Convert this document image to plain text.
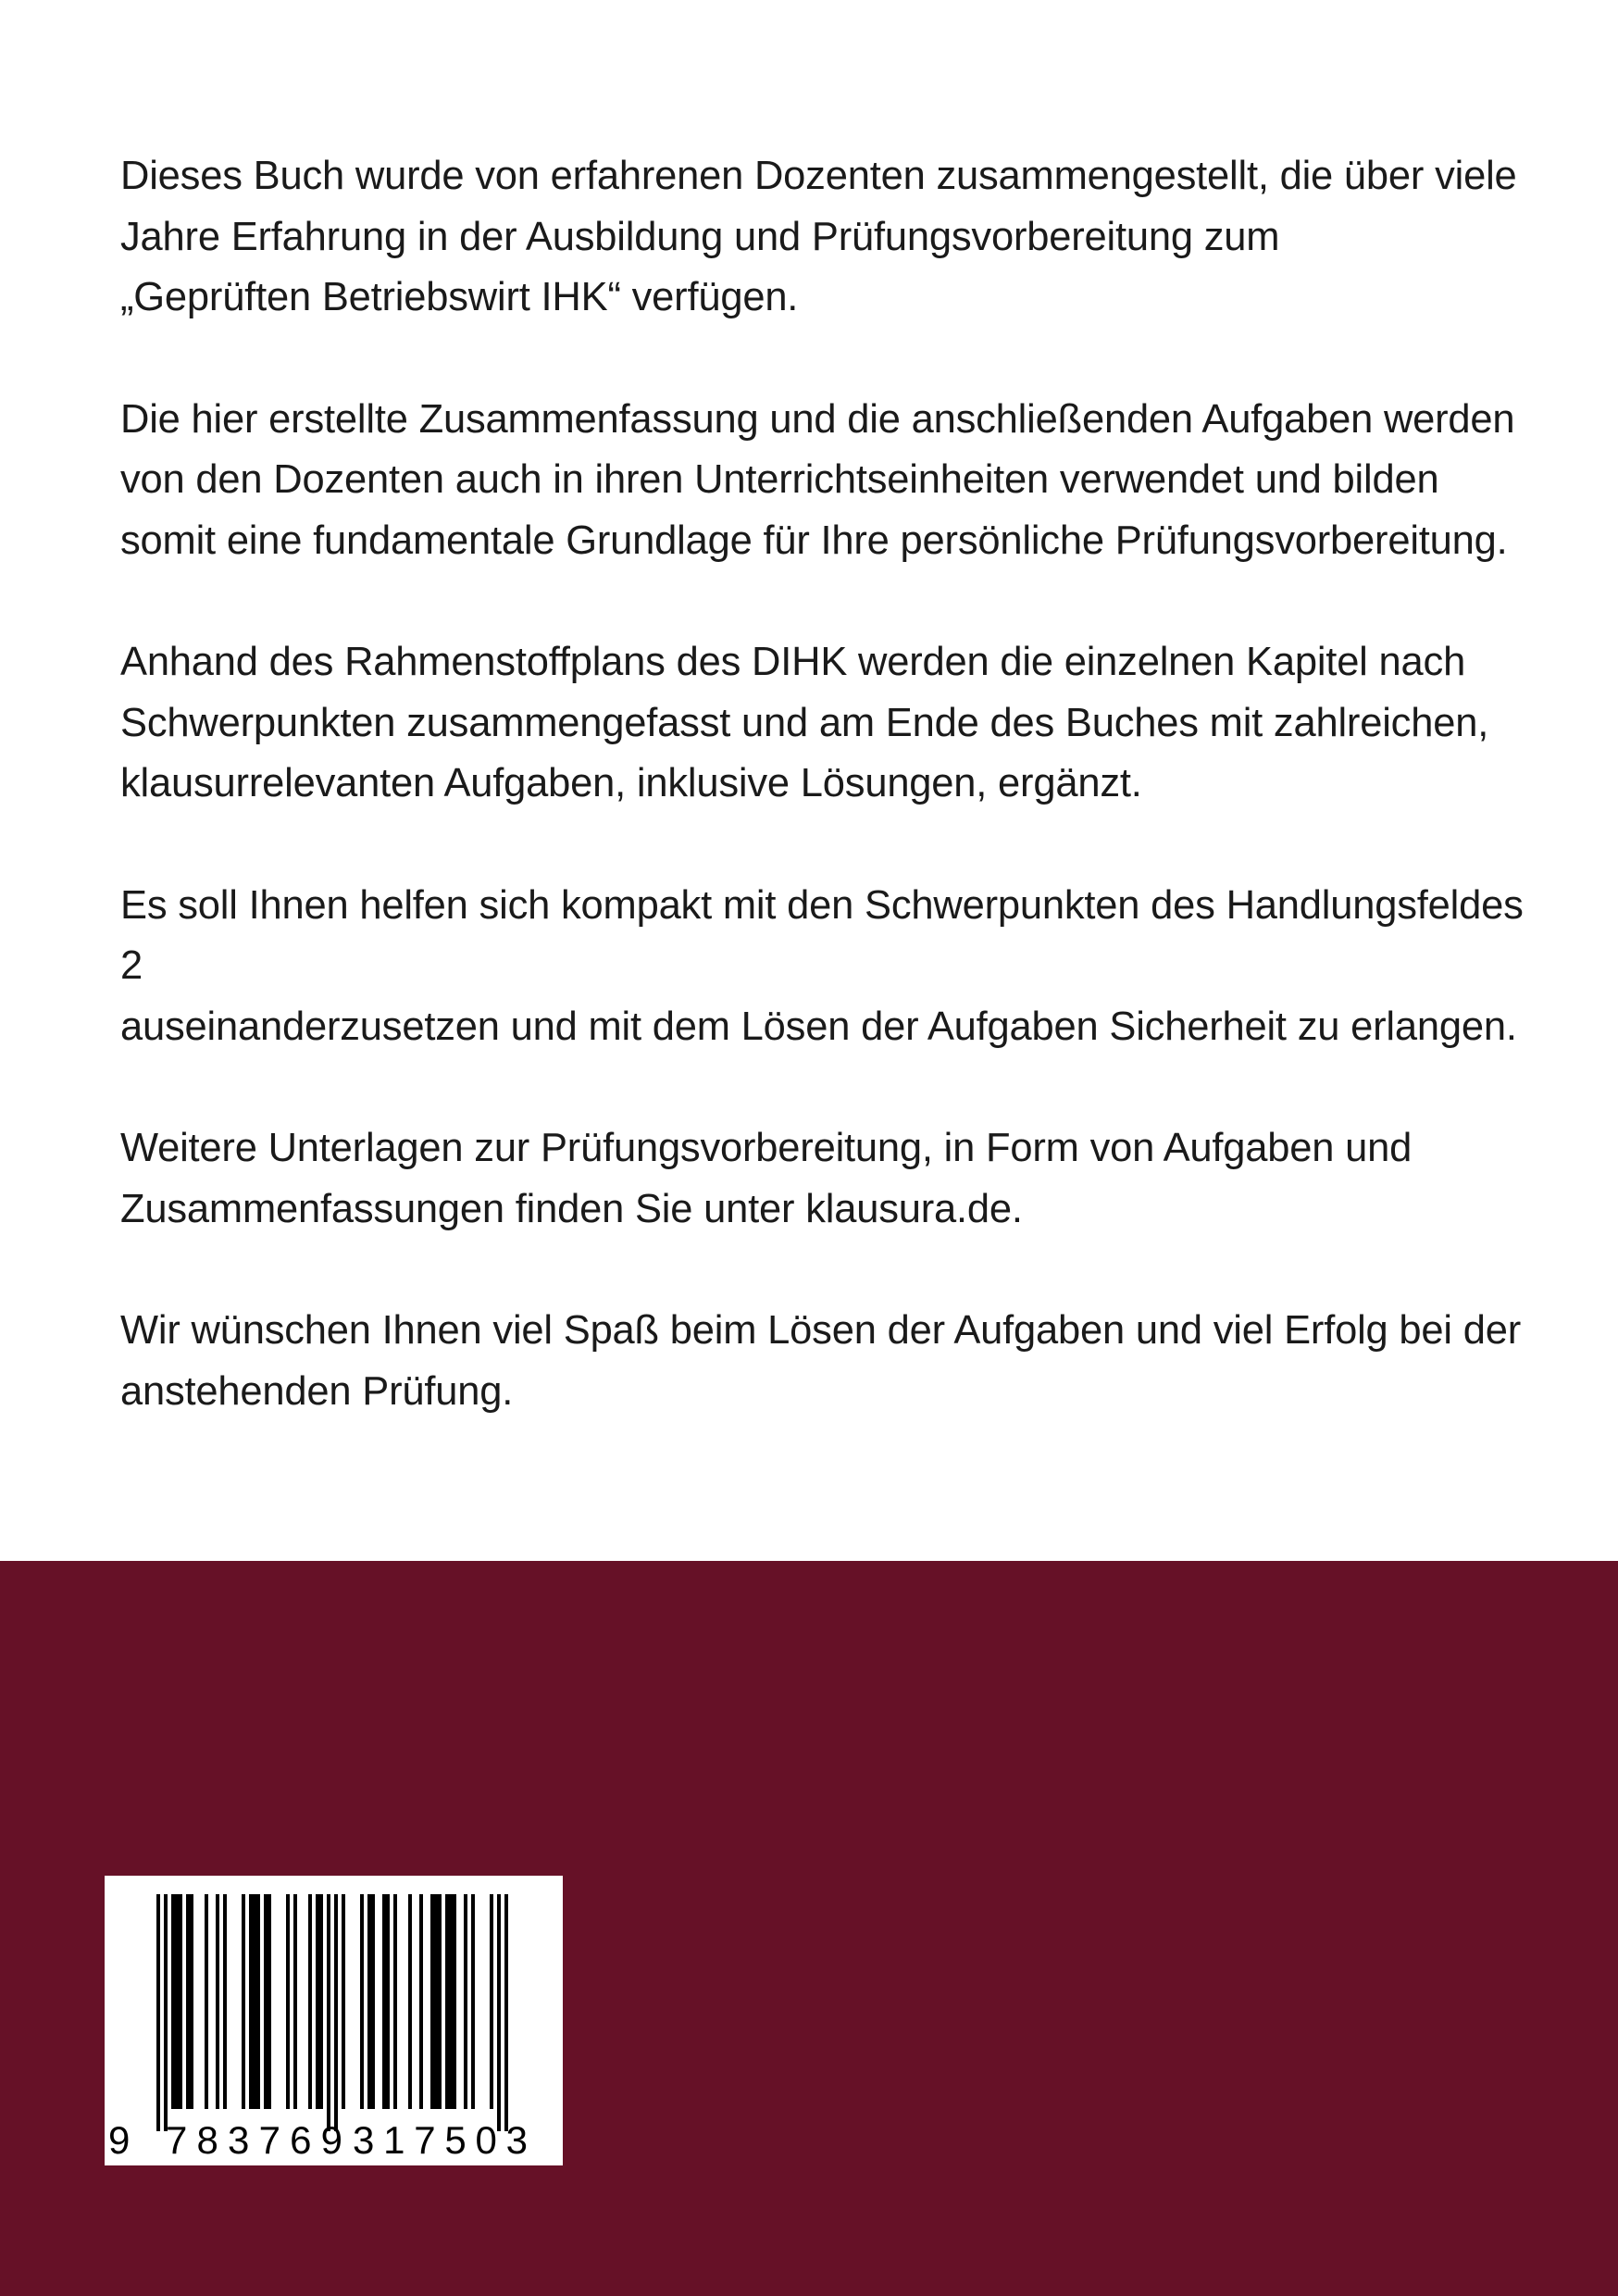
Dieses Buch wurde von erfahrenen Dozenten zusammengestellt, die über viele
Jahre Erfahrung in der Ausbildung und Prüfungsvorbereitung zum
„Geprüften Betriebswirt IHK“ verfügen.

Die hier erstellte Zusammenfassung und die anschließenden Aufgaben werden
von den Dozenten auch in ihren Unterrichtseinheiten verwendet und bilden
somit eine fundamentale Grundlage für Ihre persönliche Prüfungsvorbereitung.

Anhand des Rahmenstoffplans des DIHK werden die einzelnen Kapitel nach
Schwerpunkten zusammengefasst und am Ende des Buches mit zahlreichen,
klausurrelevanten Aufgaben, inklusive Lösungen, ergänzt.

Es soll Ihnen helfen sich kompakt mit den Schwerpunkten des Handlungsfeldes 2
auseinanderzusetzen und mit dem Lösen der Aufgaben Sicherheit zu erlangen.

Weitere Unterlagen zur Prüfungsvorbereitung, in Form von Aufgaben und
Zusammenfassungen finden Sie unter klausura.de.

Wir wünschen Ihnen viel Spaß beim Lösen der Aufgaben und viel Erfolg bei der
anstehenden Prüfung.

9 783769 317503
